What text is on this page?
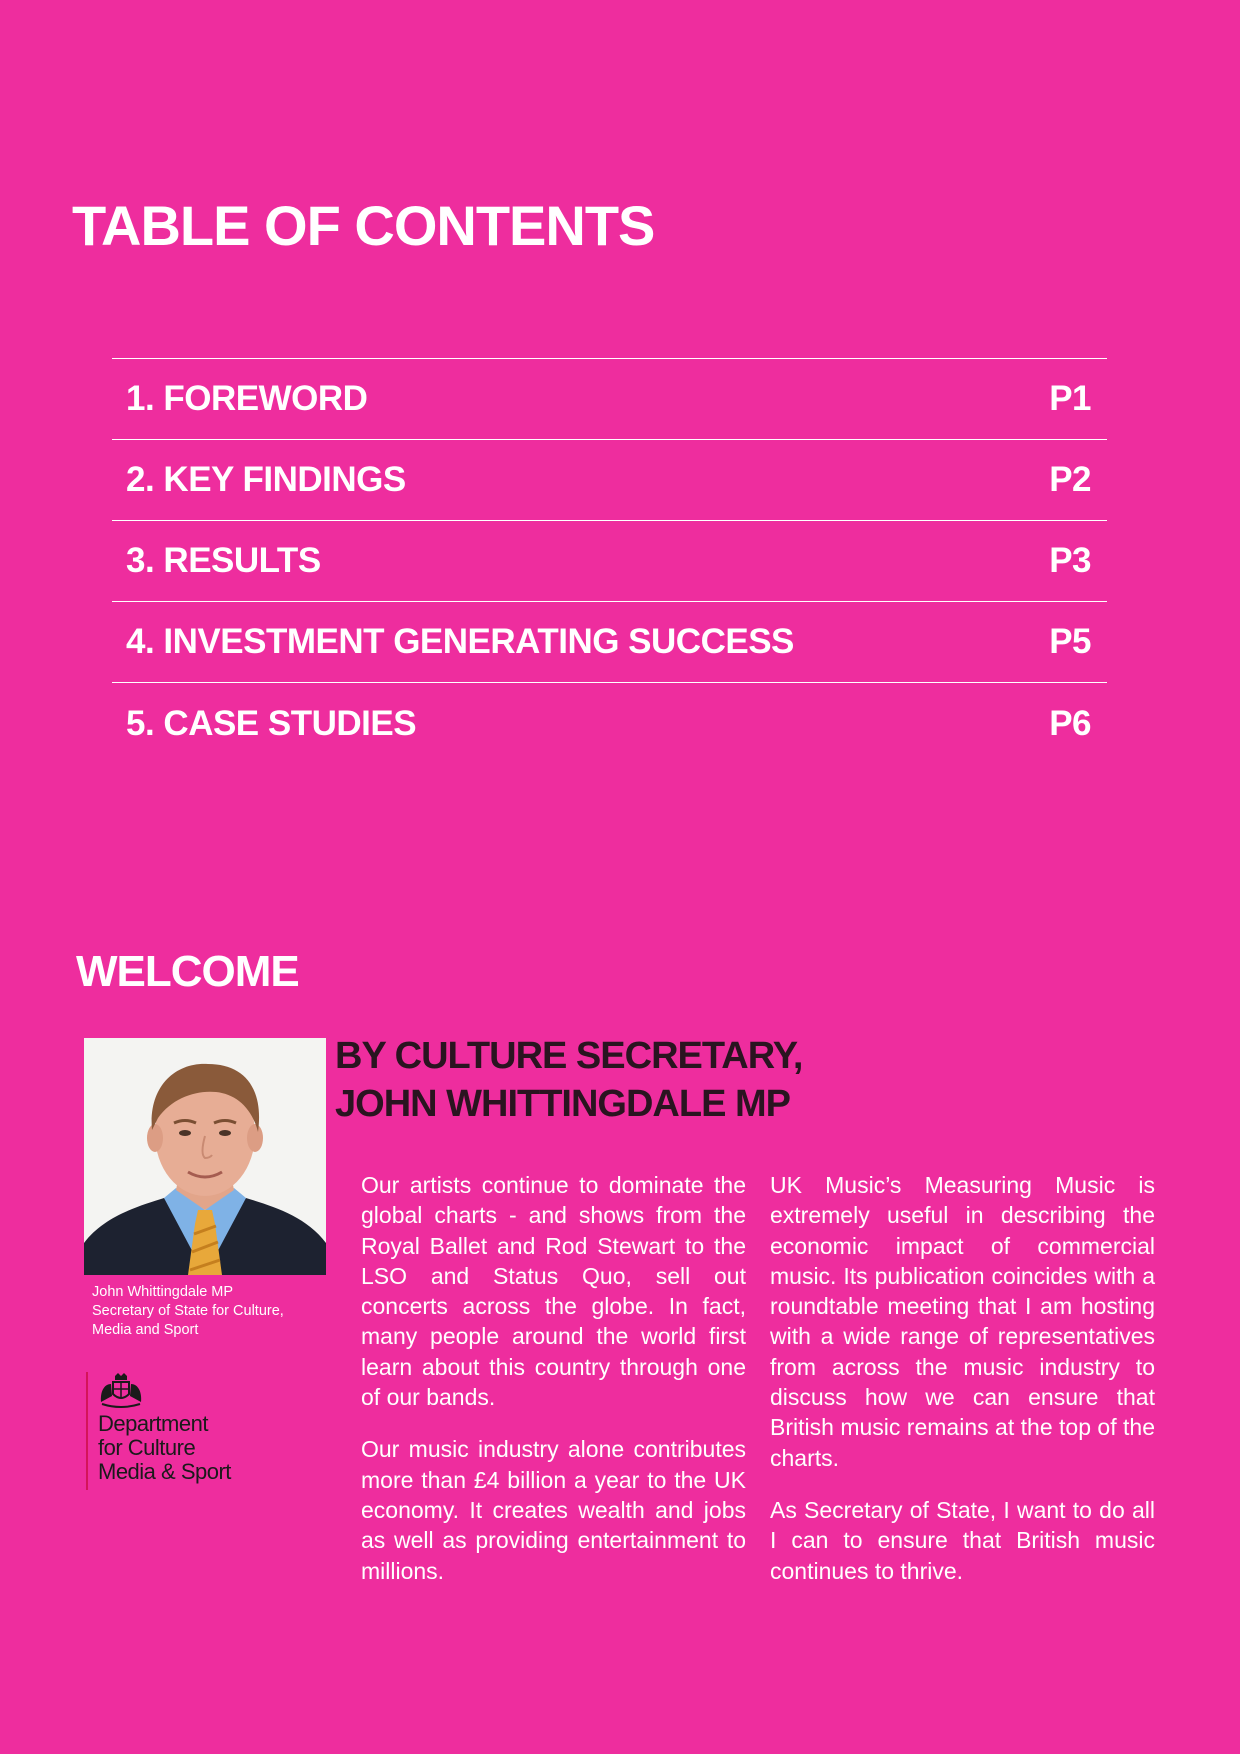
TABLE OF CONTENTS
1. FOREWORD	P1
2. KEY FINDINGS	P2
3. RESULTS	P3
4. INVESTMENT GENERATING SUCCESS	P5
5. CASE STUDIES	P6
WELCOME
John Whittingdale MP
Secretary of State for Culture,
Media and Sport
Department
for Culture
Media & Sport
BY CULTURE SECRETARY,
JOHN WHITTINGDALE MP

Our artists continue to dominate the global charts - and shows from the Royal Ballet and Rod Stewart to the LSO and Status Quo, sell out concerts across the globe. In fact, many people around the world first learn about this country through one of our bands.

Our music industry alone contributes more than £4 billion a year to the UK economy. It creates wealth and jobs as well as providing entertainment to millions.

UK Music’s Measuring Music is extremely useful in describing the economic impact of commercial music. Its publication coincides with a roundtable meeting that I am hosting with a wide range of representatives from across the music industry to discuss how we can ensure that British music remains at the top of the charts.

As Secretary of State, I want to do all I can to ensure that British music continues to thrive.
